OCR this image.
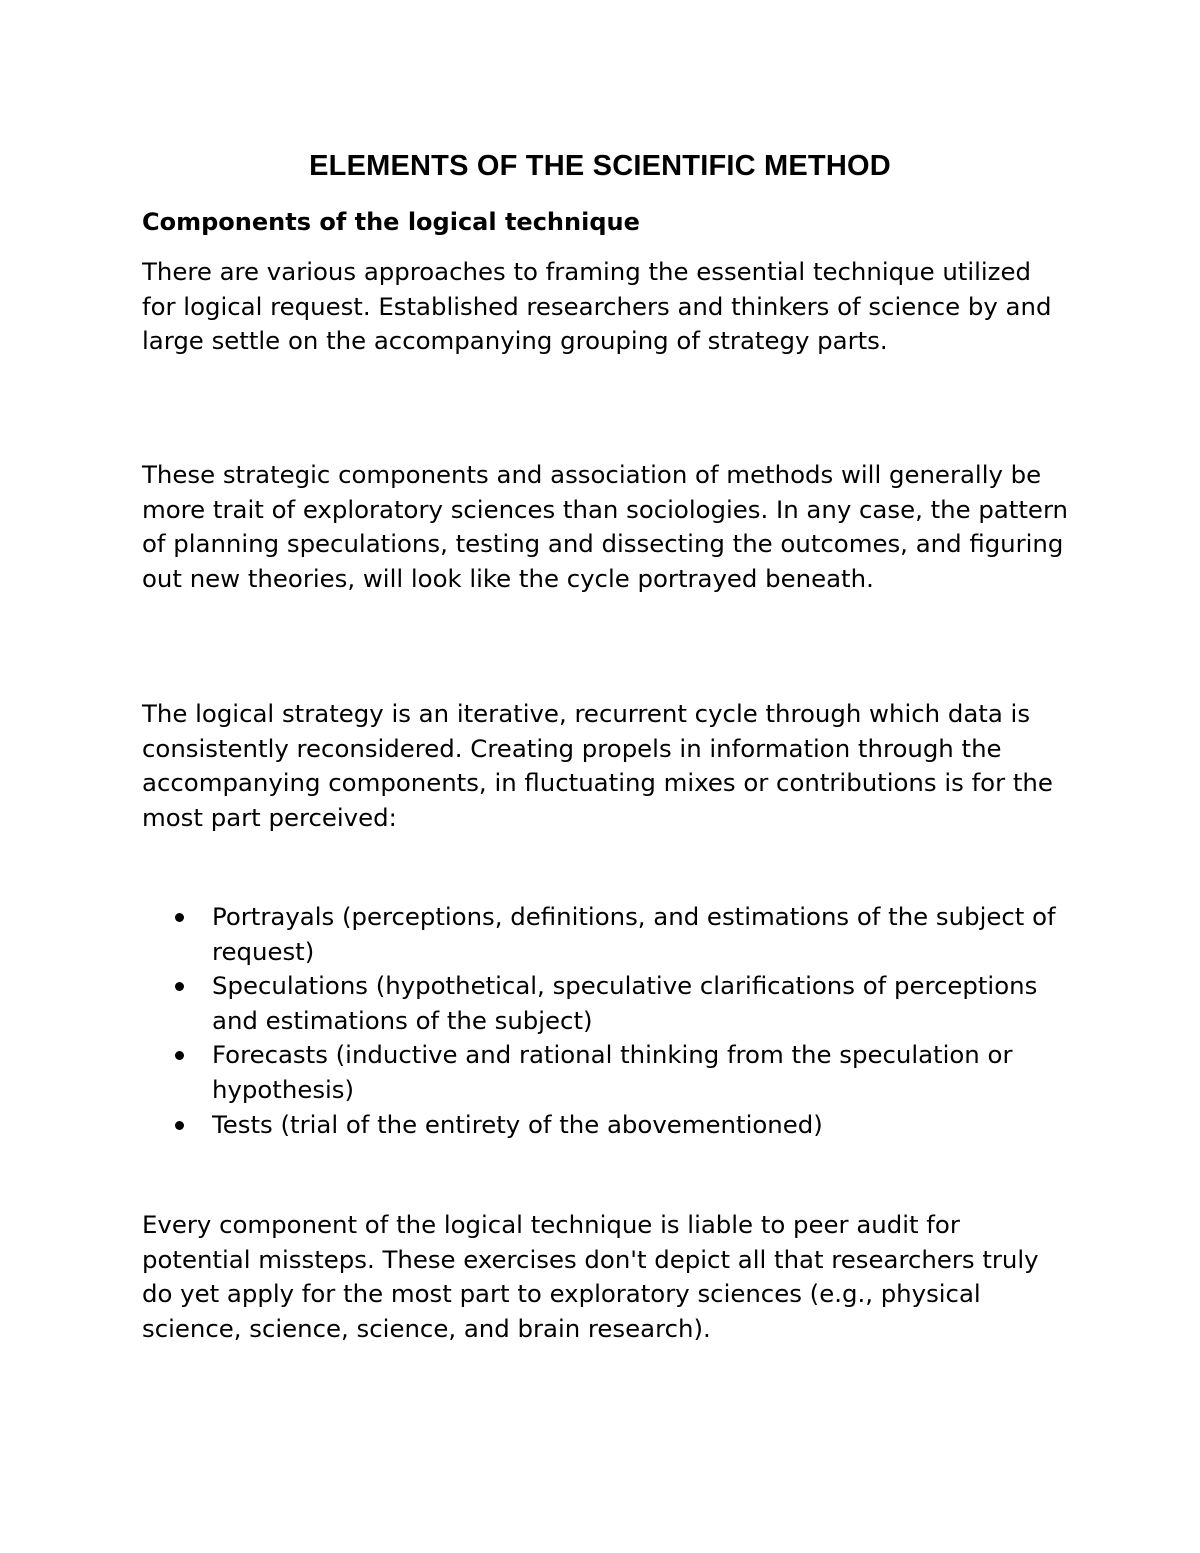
ELEMENTS OF THE SCIENTIFIC METHOD
Components of the logical technique

There are various approaches to framing the essential technique utilized for logical request. Established researchers and thinkers of science by and large settle on the accompanying grouping of strategy parts.

These strategic components and association of methods will generally be more trait of exploratory sciences than sociologies. In any case, the pattern of planning speculations, testing and dissecting the outcomes, and figuring out new theories, will look like the cycle portrayed beneath.

The logical strategy is an iterative, recurrent cycle through which data is consistently reconsidered. Creating propels in information through the accompanying components, in fluctuating mixes or contributions is for the most part perceived:

Portrayals (perceptions, definitions, and estimations of the subject of request)
Speculations (hypothetical, speculative clarifications of perceptions and estimations of the subject)
Forecasts (inductive and rational thinking from the speculation or hypothesis)
Tests (trial of the entirety of the abovementioned)

Every component of the logical technique is liable to peer audit for potential missteps. These exercises don't depict all that researchers truly do yet apply for the most part to exploratory sciences (e.g., physical science, science, science, and brain research).
